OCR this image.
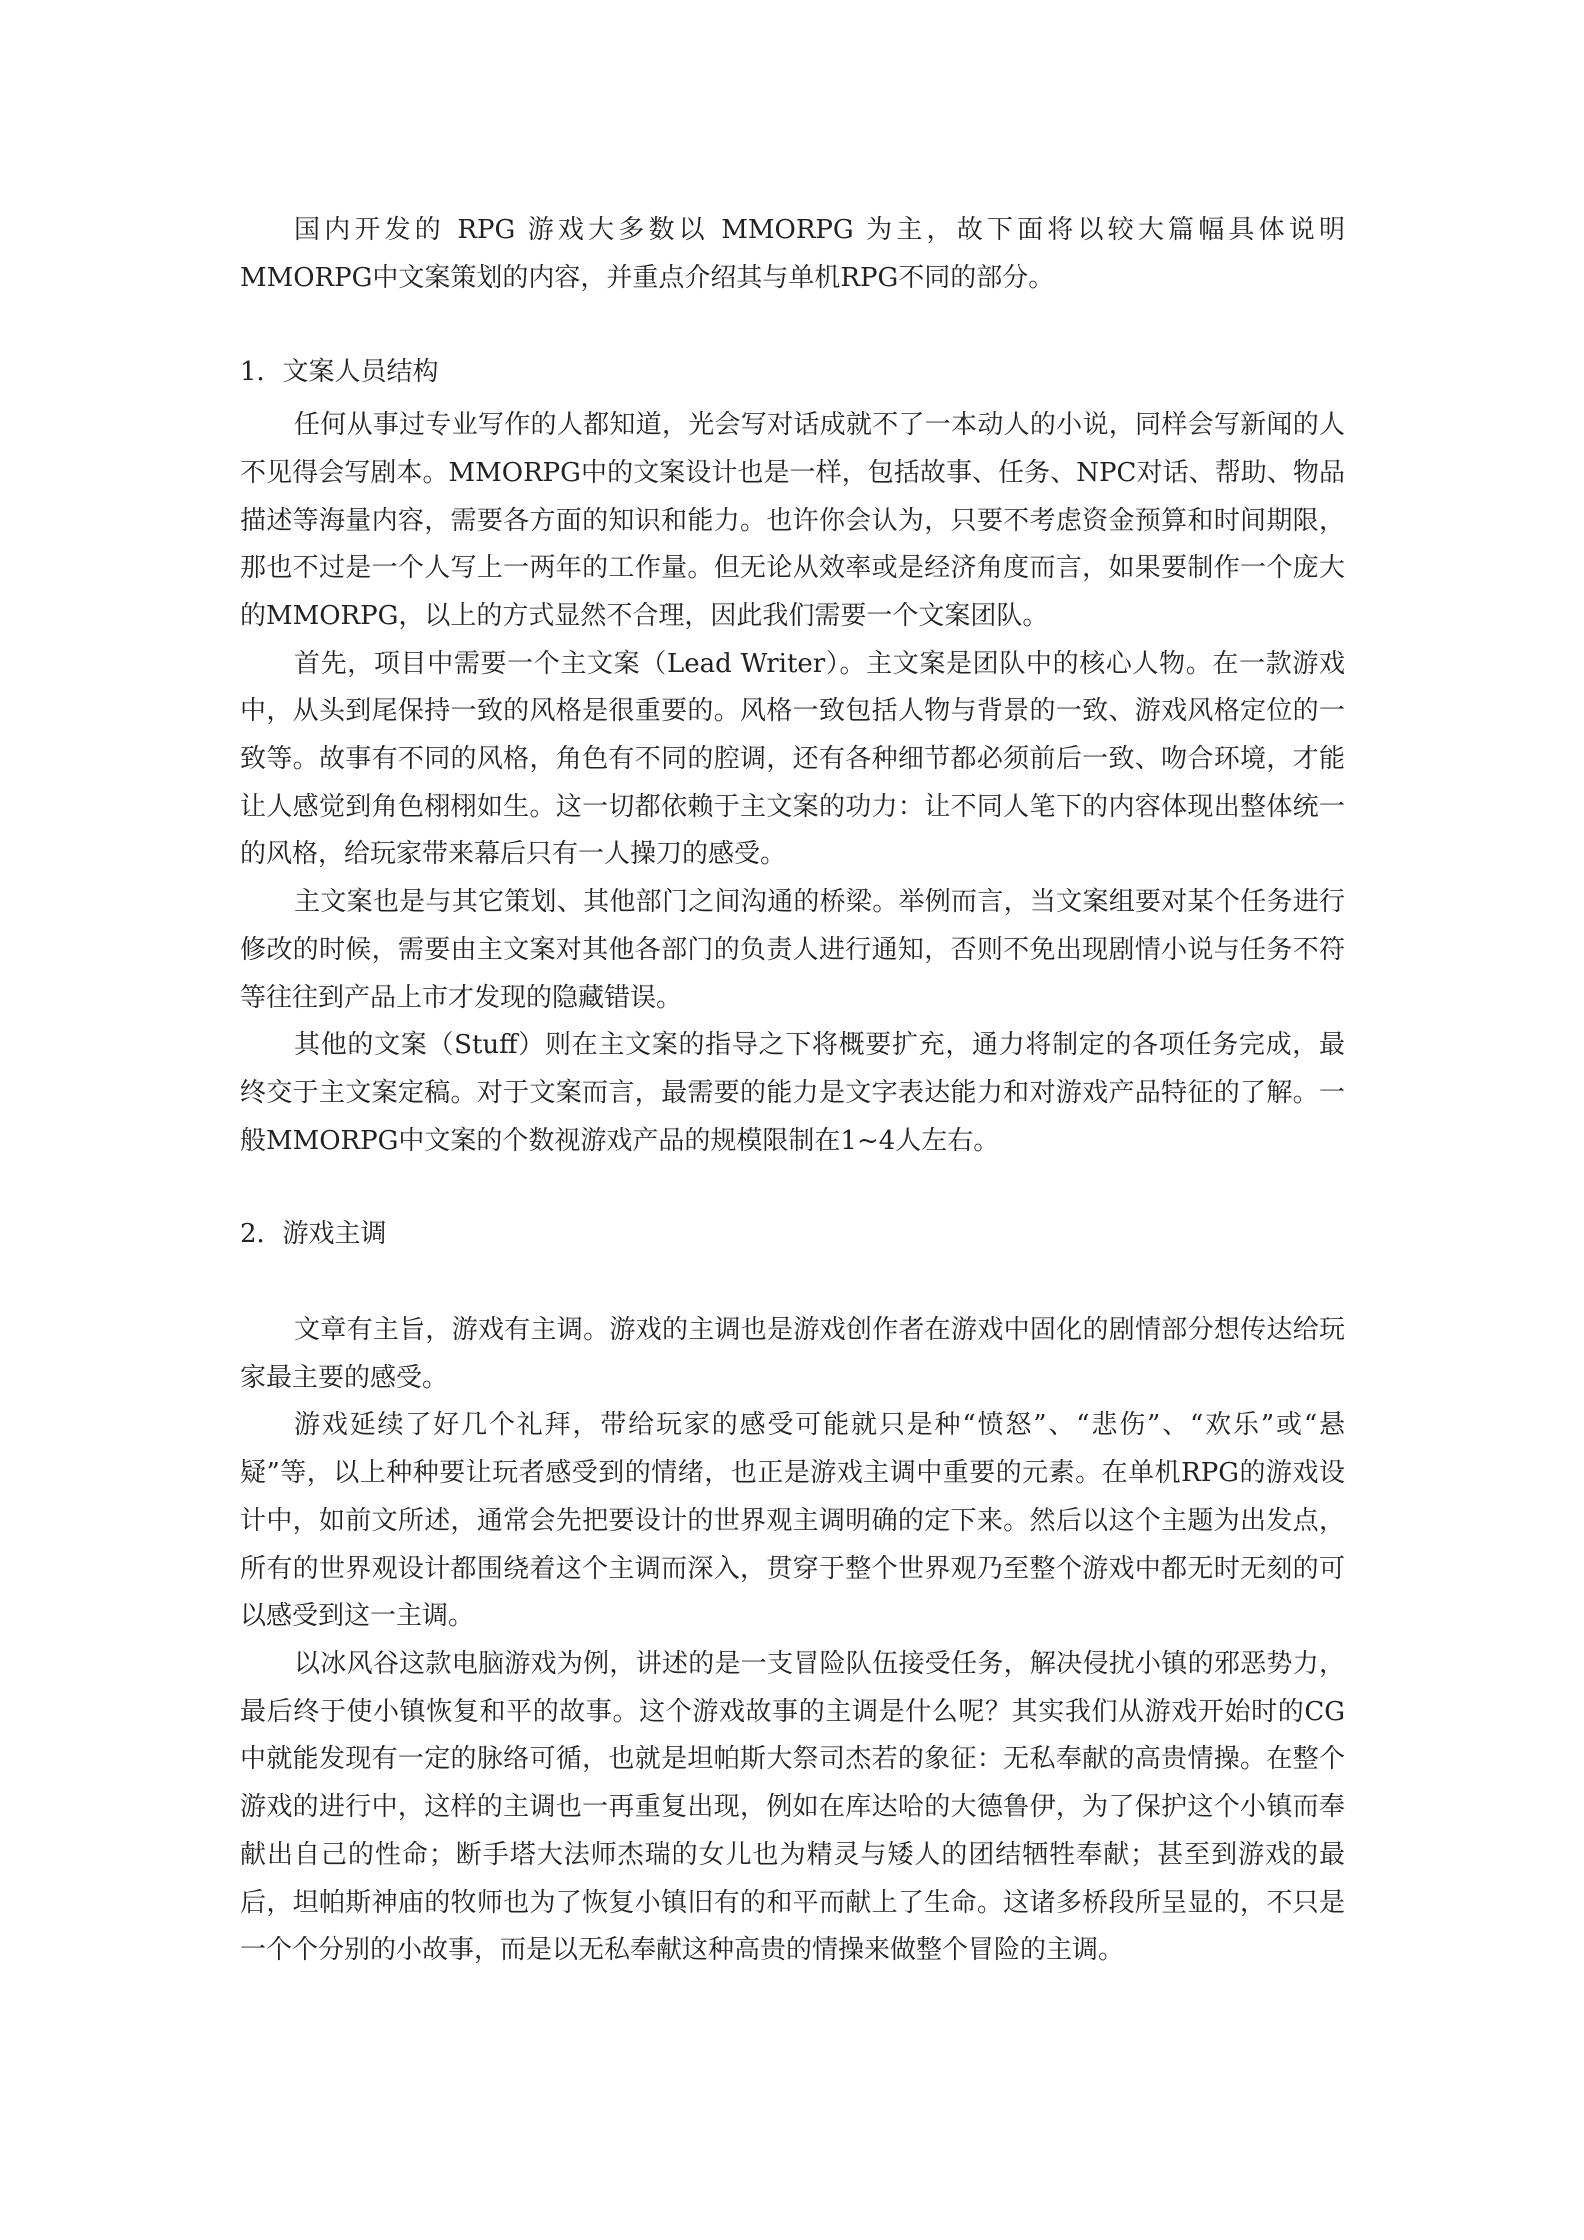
国内开发的 RPG 游戏大多数以 MMORPG 为主，故下面将以较大篇幅具体说明MMORPG中文案策划的内容，并重点介绍其与单机RPG不同的部分。

1．文案人员结构

任何从事过专业写作的人都知道，光会写对话成就不了一本动人的小说，同样会写新闻的人不见得会写剧本。MMORPG中的文案设计也是一样，包括故事、任务、NPC对话、帮助、物品描述等海量内容，需要各方面的知识和能力。也许你会认为，只要不考虑资金预算和时间期限，那也不过是一个人写上一两年的工作量。但无论从效率或是经济角度而言，如果要制作一个庞大的MMORPG，以上的方式显然不合理，因此我们需要一个文案团队。

首先，项目中需要一个主文案（Lead Writer）。主文案是团队中的核心人物。在一款游戏中，从头到尾保持一致的风格是很重要的。风格一致包括人物与背景的一致、游戏风格定位的一致等。故事有不同的风格，角色有不同的腔调，还有各种细节都必须前后一致、吻合环境，才能让人感觉到角色栩栩如生。这一切都依赖于主文案的功力：让不同人笔下的内容体现出整体统一的风格，给玩家带来幕后只有一人操刀的感受。

主文案也是与其它策划、其他部门之间沟通的桥梁。举例而言，当文案组要对某个任务进行修改的时候，需要由主文案对其他各部门的负责人进行通知，否则不免出现剧情小说与任务不符等往往到产品上市才发现的隐藏错误。

其他的文案（Stuff）则在主文案的指导之下将概要扩充，通力将制定的各项任务完成，最终交于主文案定稿。对于文案而言，最需要的能力是文字表达能力和对游戏产品特征的了解。一般MMORPG中文案的个数视游戏产品的规模限制在1~4人左右。

2．游戏主调

文章有主旨，游戏有主调。游戏的主调也是游戏创作者在游戏中固化的剧情部分想传达给玩家最主要的感受。

游戏延续了好几个礼拜，带给玩家的感受可能就只是种“愤怒”、“悲伤”、“欢乐”或“悬疑”等，以上种种要让玩者感受到的情绪，也正是游戏主调中重要的元素。在单机RPG的游戏设计中，如前文所述，通常会先把要设计的世界观主调明确的定下来。然后以这个主题为出发点，所有的世界观设计都围绕着这个主调而深入，贯穿于整个世界观乃至整个游戏中都无时无刻的可以感受到这一主调。

以冰风谷这款电脑游戏为例，讲述的是一支冒险队伍接受任务，解决侵扰小镇的邪恶势力，最后终于使小镇恢复和平的故事。这个游戏故事的主调是什么呢？其实我们从游戏开始时的CG中就能发现有一定的脉络可循，也就是坦帕斯大祭司杰若的象征：无私奉献的高贵情操。在整个游戏的进行中，这样的主调也一再重复出现，例如在库达哈的大德鲁伊，为了保护这个小镇而奉献出自己的性命；断手塔大法师杰瑞的女儿也为精灵与矮人的团结牺牲奉献；甚至到游戏的最后，坦帕斯神庙的牧师也为了恢复小镇旧有的和平而献上了生命。这诸多桥段所呈显的，不只是一个个分别的小故事，而是以无私奉献这种高贵的情操来做整个冒险的主调。
